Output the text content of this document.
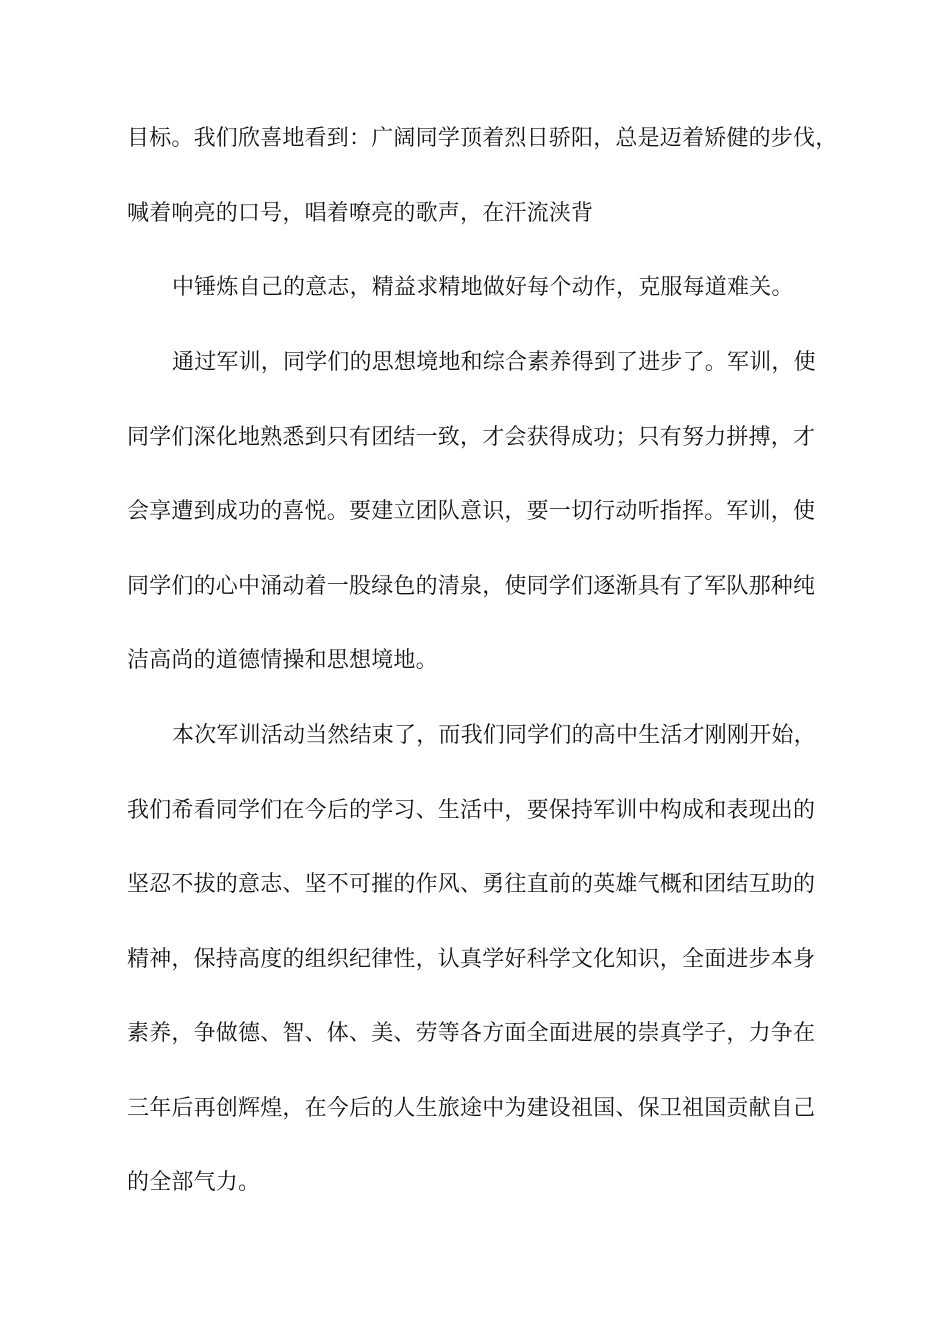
目标。我们欣喜地看到：广阔同学顶着烈日骄阳，总是迈着矫健的步伐，
喊着响亮的口号，唱着嘹亮的歌声，在汗流浃背
中锤炼自己的意志，精益求精地做好每个动作，克服每道难关。
通过军训，同学们的思想境地和综合素养得到了进步了。军训，使
同学们深化地熟悉到只有团结一致，才会获得成功；只有努力拼搏，才
会享遭到成功的喜悦。要建立团队意识，要一切行动听指挥。军训，使
同学们的心中涌动着一股绿色的清泉，使同学们逐渐具有了军队那种纯
洁高尚的道德情操和思想境地。
本次军训活动当然结束了，而我们同学们的高中生活才刚刚开始，
我们希看同学们在今后的学习、生活中，要保持军训中构成和表现出的
坚忍不拔的意志、坚不可摧的作风、勇往直前的英雄气概和团结互助的
精神，保持高度的组织纪律性，认真学好科学文化知识，全面进步本身
素养，争做德、智、体、美、劳等各方面全面进展的崇真学子，力争在
三年后再创辉煌，在今后的人生旅途中为建设祖国、保卫祖国贡献自己
的全部气力。
